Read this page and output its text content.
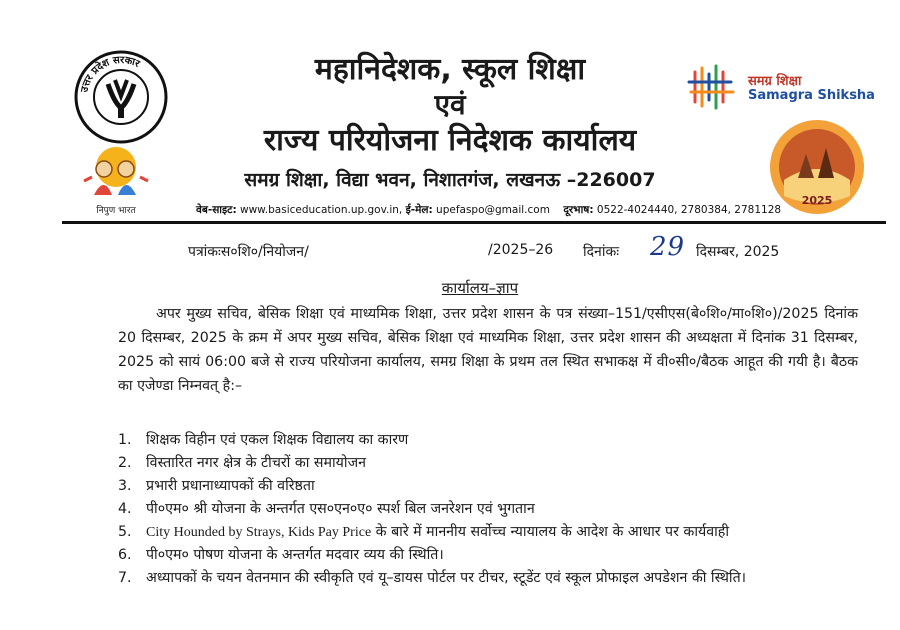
उत्तर प्रदेश सरकार
निपुण भारत
महानिदेशक, स्कूल शिक्षा
एवं
राज्य परियोजना निदेशक कार्यालय
समग्र शिक्षा, विद्या भवन, निशातगंज, लखनऊ –226007
समग्र शिक्षा
Samagra Shiksha
2025
वेब-साइट: www.basiceducation.up.gov.in, ई-मेल: upefaspo@gmail.com दूरभाष: 0522-4024440, 2780384, 2781128
पत्रांकःस०शि०/नियोजन/	/2025–26 दिनांकः 29 दिसम्बर, 2025
कार्यालय–ज्ञाप
अपर मुख्य सचिव, बेसिक शिक्षा एवं माध्यमिक शिक्षा, उत्तर प्रदेश शासन के पत्र संख्या–151/एसीएस(बे०शि०/मा०शि०)/2025 दिनांक 20 दिसम्बर, 2025 के क्रम में अपर मुख्य सचिव, बेसिक शिक्षा एवं माध्यमिक शिक्षा, उत्तर प्रदेश शासन की अध्यक्षता में दिनांक 31 दिसम्बर, 2025 को सायं 06:00 बजे से राज्य परियोजना कार्यालय, समग्र शिक्षा के प्रथम तल स्थित सभाकक्ष में वी०सी०/बैठक आहूत की गयी है। बैठक का एजेण्डा निम्नवत् है:–
1. शिक्षक विहीन एवं एकल शिक्षक विद्यालय का कारण
2. विस्तारित नगर क्षेत्र के टीचरों का समायोजन
3. प्रभारी प्रधानाध्यापकों की वरिष्ठता
4. पी०एम० श्री योजना के अन्तर्गत एस०एन०ए० स्पर्श बिल जनरेशन एवं भुगतान
5. City Hounded by Strays, Kids Pay Price के बारे में माननीय सर्वोच्च न्यायालय के आदेश के आधार पर कार्यवाही
6. पी०एम० पोषण योजना के अन्तर्गत मदवार व्यय की स्थिति।
7. अध्यापकों के चयन वेतनमान की स्वीकृति एवं यू–डायस पोर्टल पर टीचर, स्टूडेंट एवं स्कूल प्रोफाइल अपडेशन की स्थिति।
